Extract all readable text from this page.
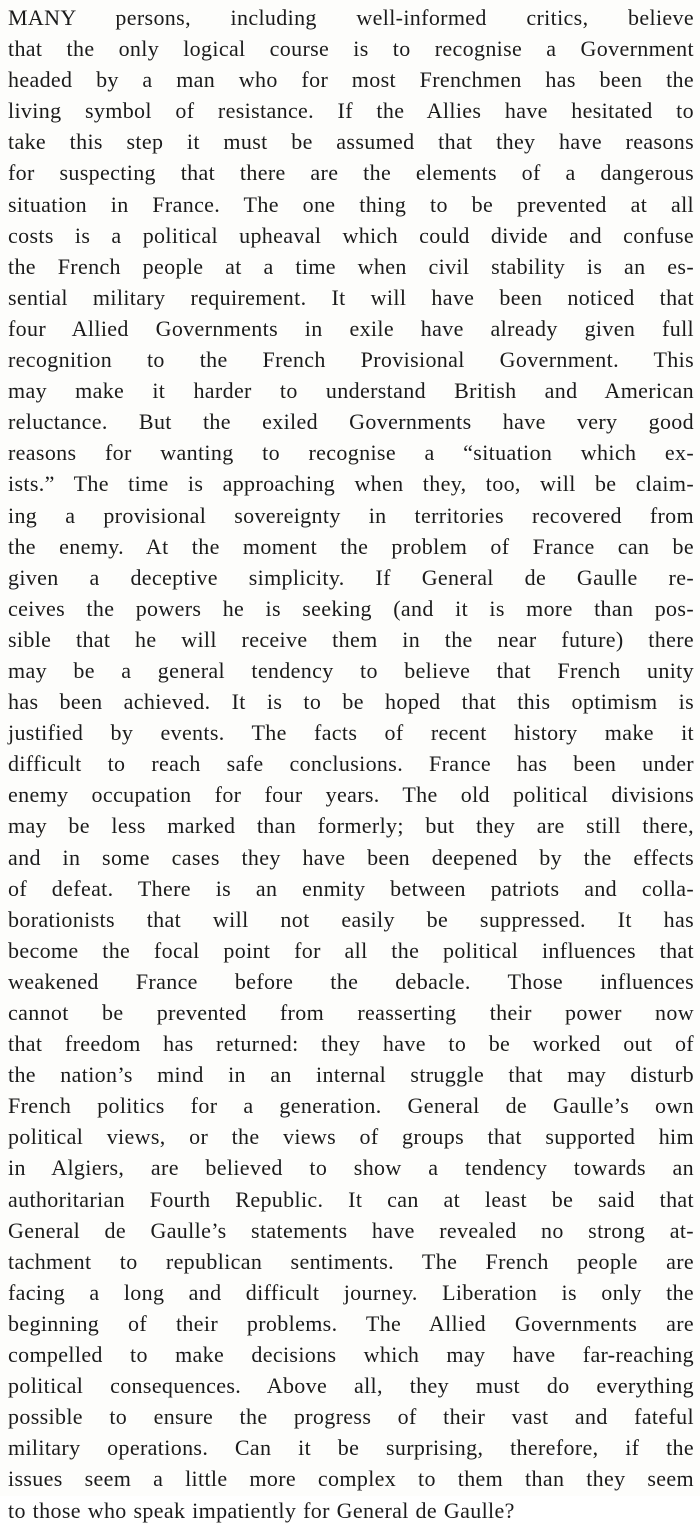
MANY persons, including well-informed critics, believe
that the only logical course is to recognise a Government
headed by a man who for most Frenchmen has been the
living symbol of resistance. If the Allies have hesitated to
take this step it must be assumed that they have reasons
for suspecting that there are the elements of a dangerous
situation in France. The one thing to be prevented at all
costs is a political upheaval which could divide and confuse
the French people at a time when civil stability is an es-
sential military requirement. It will have been noticed that
four Allied Governments in exile have already given full
recognition to the French Provisional Government. This
may make it harder to understand British and American
reluctance. But the exiled Governments have very good
reasons for wanting to recognise a “situation which ex-
ists.” The time is approaching when they, too, will be claim-
ing a provisional sovereignty in territories recovered from
the enemy. At the moment the problem of France can be
given a deceptive simplicity. If General de Gaulle re-
ceives the powers he is seeking (and it is more than pos-
sible that he will receive them in the near future) there
may be a general tendency to believe that French unity
has been achieved. It is to be hoped that this optimism is
justified by events. The facts of recent history make it
difficult to reach safe conclusions. France has been under
enemy occupation for four years. The old political divisions
may be less marked than formerly; but they are still there,
and in some cases they have been deepened by the effects
of defeat. There is an enmity between patriots and colla-
borationists that will not easily be suppressed. It has
become the focal point for all the political influences that
weakened France before the debacle. Those influences
cannot be prevented from reasserting their power now
that freedom has returned: they have to be worked out of
the nation’s mind in an internal struggle that may disturb
French politics for a generation. General de Gaulle’s own
political views, or the views of groups that supported him
in Algiers, are believed to show a tendency towards an
authoritarian Fourth Republic. It can at least be said that
General de Gaulle’s statements have revealed no strong at-
tachment to republican sentiments. The French people are
facing a long and difficult journey. Liberation is only the
beginning of their problems. The Allied Governments are
compelled to make decisions which may have far-reaching
political consequences. Above all, they must do everything
possible to ensure the progress of their vast and fateful
military operations. Can it be surprising, therefore, if the
issues seem a little more complex to them than they seem
to those who speak impatiently for General de Gaulle?
